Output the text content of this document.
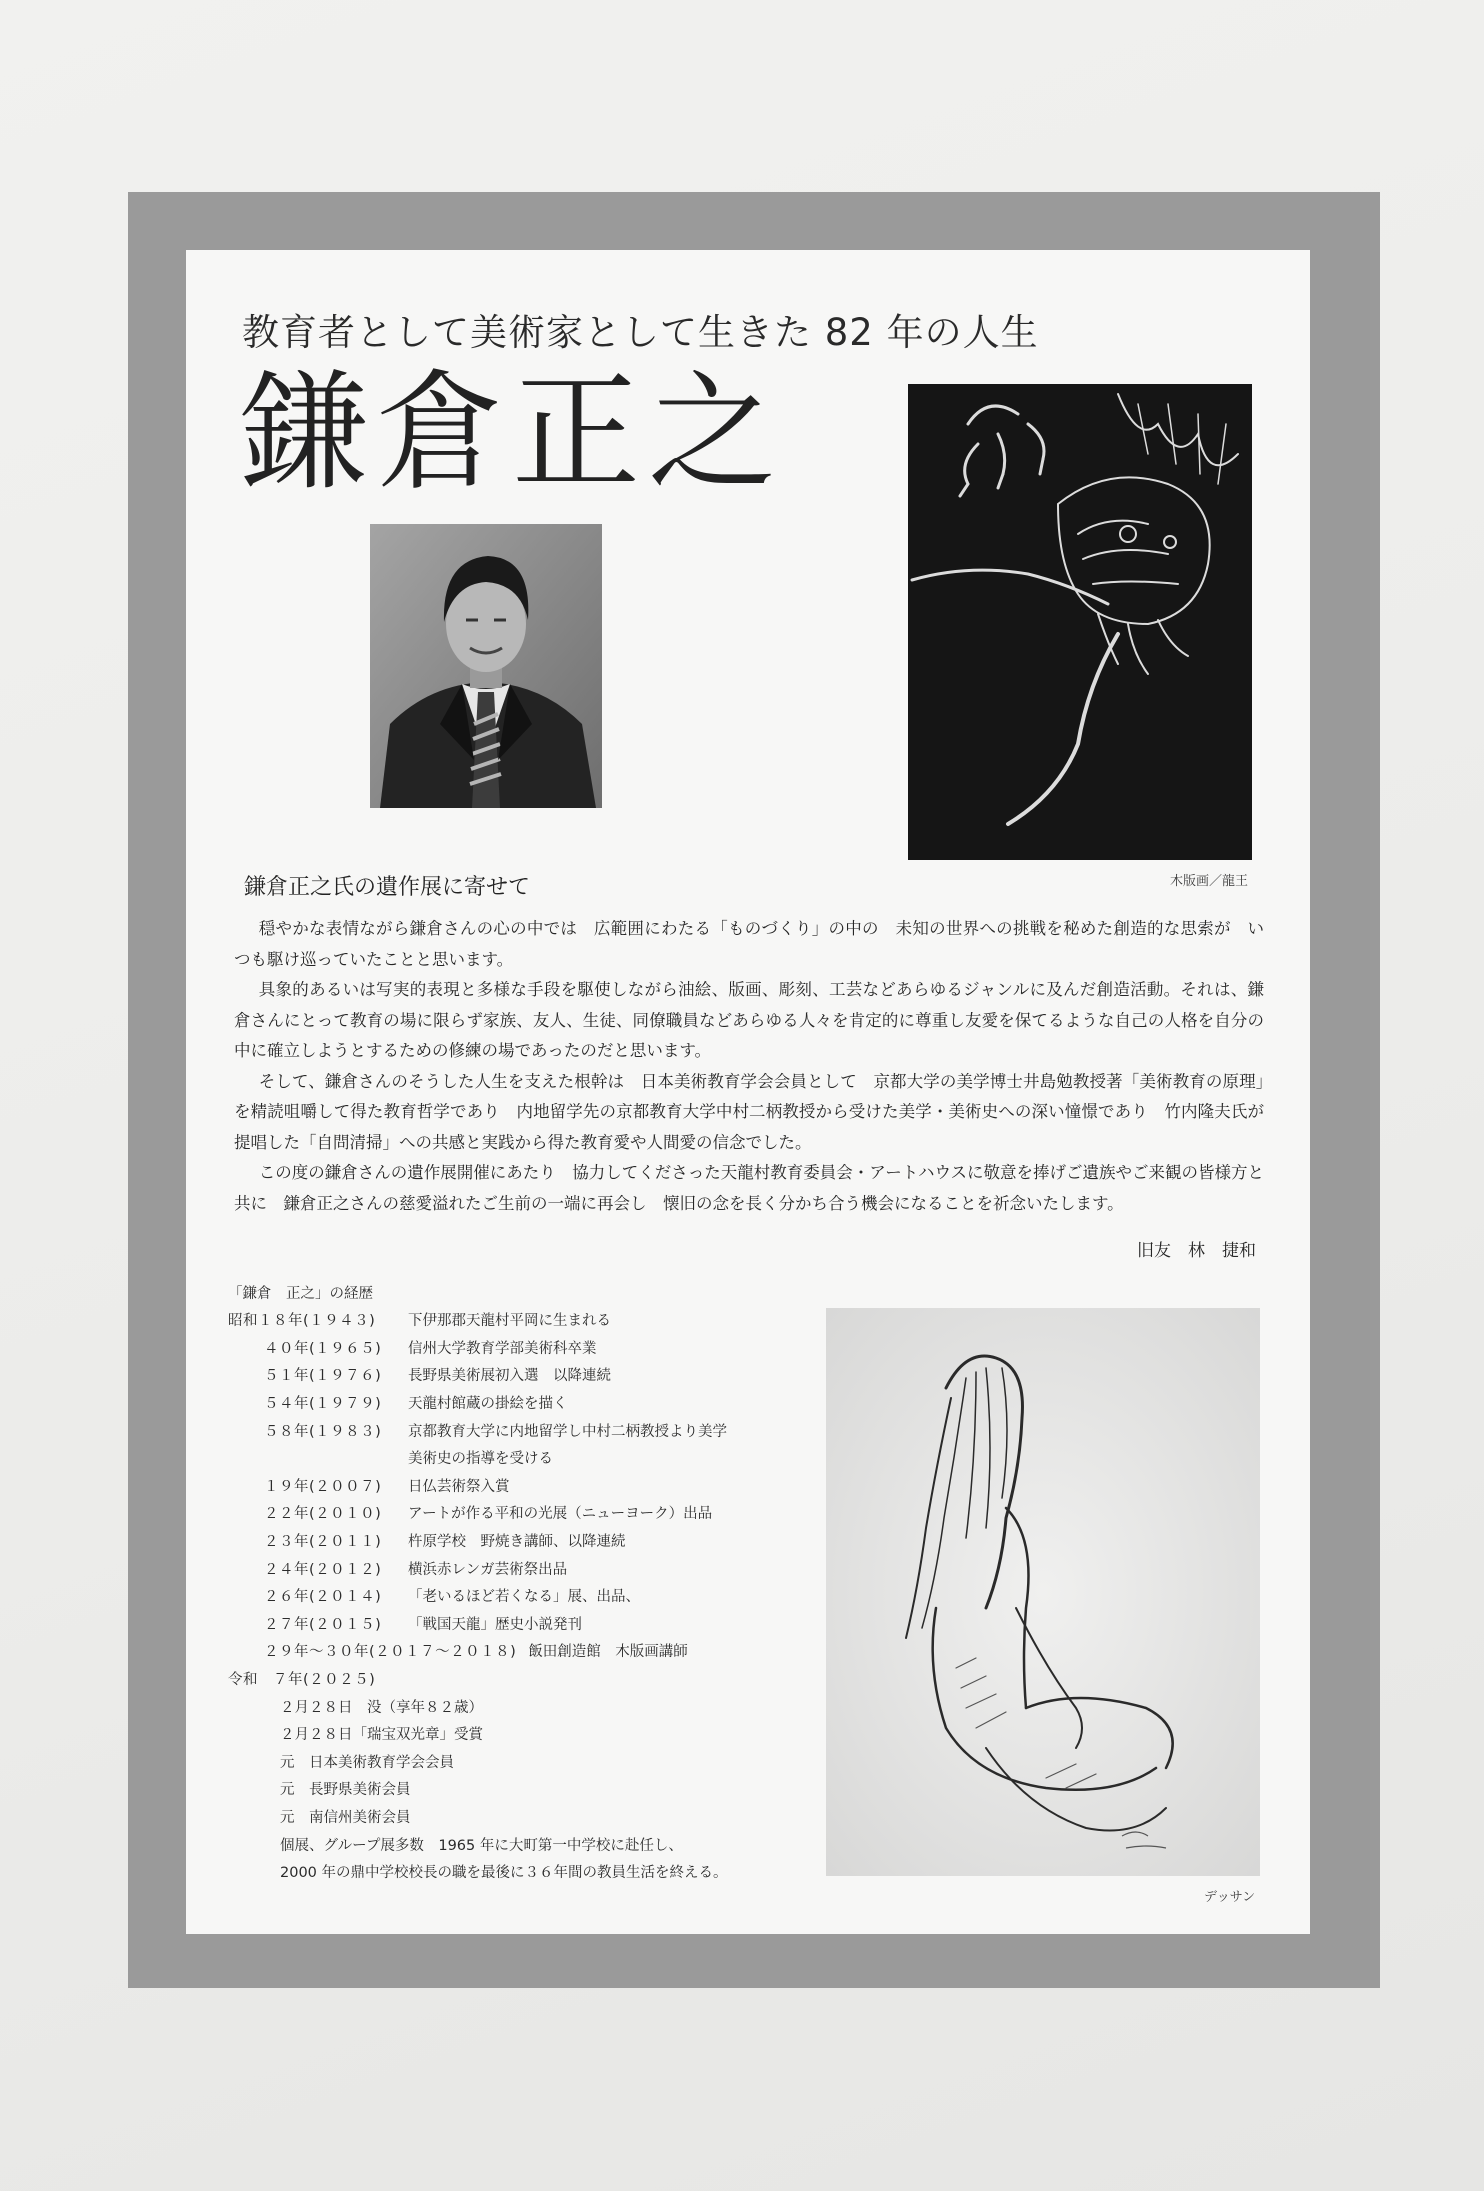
教育者として美術家として生きた 82 年の人生
鎌倉正之
木版画／龍王
鎌倉正之氏の遺作展に寄せて

穏やかな表情ながら鎌倉さんの心の中では　広範囲にわたる「ものづくり」の中の　未知の世界への挑戦を秘めた創造的な思索が　いつも駆け巡っていたことと思います。

具象的あるいは写実的表現と多様な手段を駆使しながら油絵、版画、彫刻、工芸などあらゆるジャンルに及んだ創造活動。それは、鎌倉さんにとって教育の場に限らず家族、友人、生徒、同僚職員などあらゆる人々を肯定的に尊重し友愛を保てるような自己の人格を自分の中に確立しようとするための修練の場であったのだと思います。

そして、鎌倉さんのそうした人生を支えた根幹は　日本美術教育学会会員として　京都大学の美学博士井島勉教授著「美術教育の原理」を精読咀嚼して得た教育哲学であり　内地留学先の京都教育大学中村二柄教授から受けた美学・美術史への深い憧憬であり　竹内隆夫氏が提唱した「自問清掃」への共感と実践から得た教育愛や人間愛の信念でした。

この度の鎌倉さんの遺作展開催にあたり　協力してくださった天龍村教育委員会・アートハウスに敬意を捧げご遺族やご来観の皆様方と共に　鎌倉正之さんの慈愛溢れたご生前の一端に再会し　懐旧の念を長く分かち合う機会になることを祈念いたします。

旧友　林　捷和
「鎌倉　正之」の経歴
昭和１８年(１９４３)	下伊那郡天龍村平岡に生まれる
４０年(１９６５)	信州大学教育学部美術科卒業
５１年(１９７６)	長野県美術展初入選　以降連続
５４年(１９７９)	天龍村館蔵の掛絵を描く
５８年(１９８３)	京都教育大学に内地留学し中村二柄教授より美学
美術史の指導を受ける
１９年(２００７)	日仏芸術祭入賞
２２年(２０１０)	アートが作る平和の光展（ニューヨーク）出品
２３年(２０１１)	杵原学校　野焼き講師、以降連続
２４年(２０１２)	横浜赤レンガ芸術祭出品
２６年(２０１４)	「老いるほど若くなる」展、出品、
２７年(２０１５)	「戦国天龍」歴史小説発刊
２９年～３０年(２０１７～２０１８) 飯田創造館　木版画講師
令和　７年(２０２５)
２月２８日　没（享年８２歳）
２月２８日「瑞宝双光章」受賞
元　日本美術教育学会会員
元　長野県美術会員
元　南信州美術会員
個展、グループ展多数　1965 年に大町第一中学校に赴任し、
2000 年の鼎中学校校長の職を最後に３６年間の教員生活を終える。
デッサン
